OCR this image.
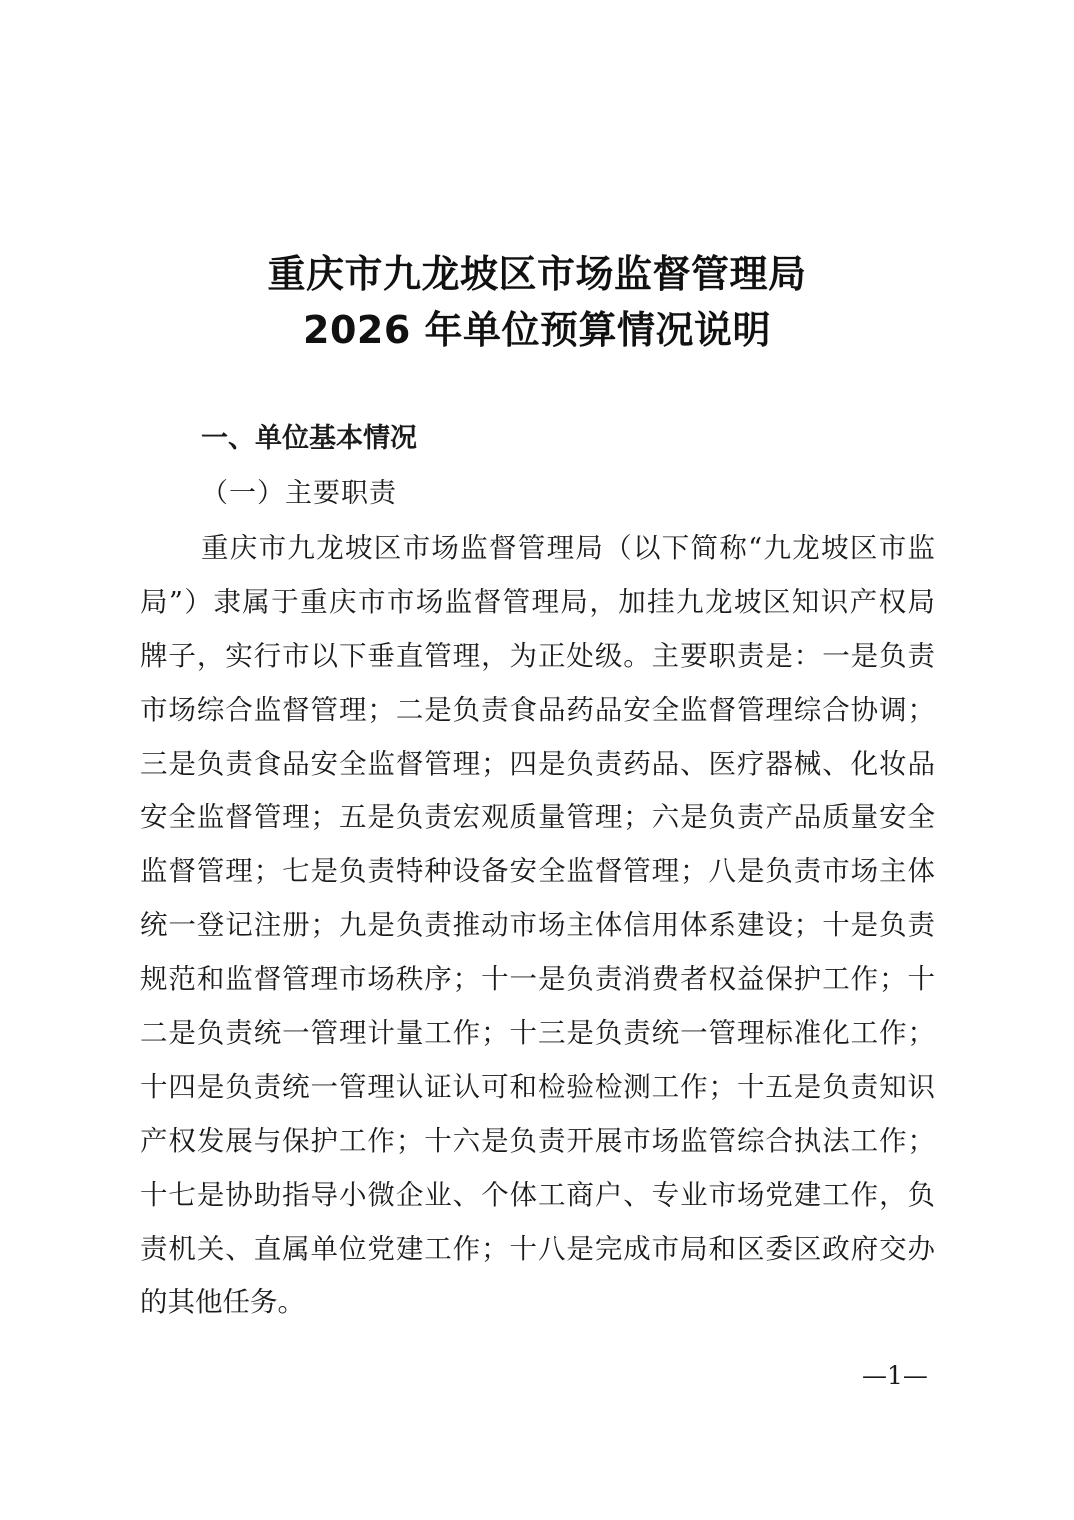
重庆市九龙坡区市场监督管理局
2026 年单位预算情况说明
一、单位基本情况
（一）主要职责
重庆市九龙坡区市场监督管理局（以下简称“九龙坡区市监
局”）隶属于重庆市市场监督管理局，加挂九龙坡区知识产权局
牌子，实行市以下垂直管理，为正处级。主要职责是：一是负责
市场综合监督管理；二是负责食品药品安全监督管理综合协调；
三是负责食品安全监督管理；四是负责药品、医疗器械、化妆品
安全监督管理；五是负责宏观质量管理；六是负责产品质量安全
监督管理；七是负责特种设备安全监督管理；八是负责市场主体
统一登记注册；九是负责推动市场主体信用体系建设；十是负责
规范和监督管理市场秩序；十一是负责消费者权益保护工作；十
二是负责统一管理计量工作；十三是负责统一管理标准化工作；
十四是负责统一管理认证认可和检验检测工作；十五是负责知识
产权发展与保护工作；十六是负责开展市场监管综合执法工作；
十七是协助指导小微企业、个体工商户、专业市场党建工作，负
责机关、直属单位党建工作；十八是完成市局和区委区政府交办
的其他任务。
—1—
